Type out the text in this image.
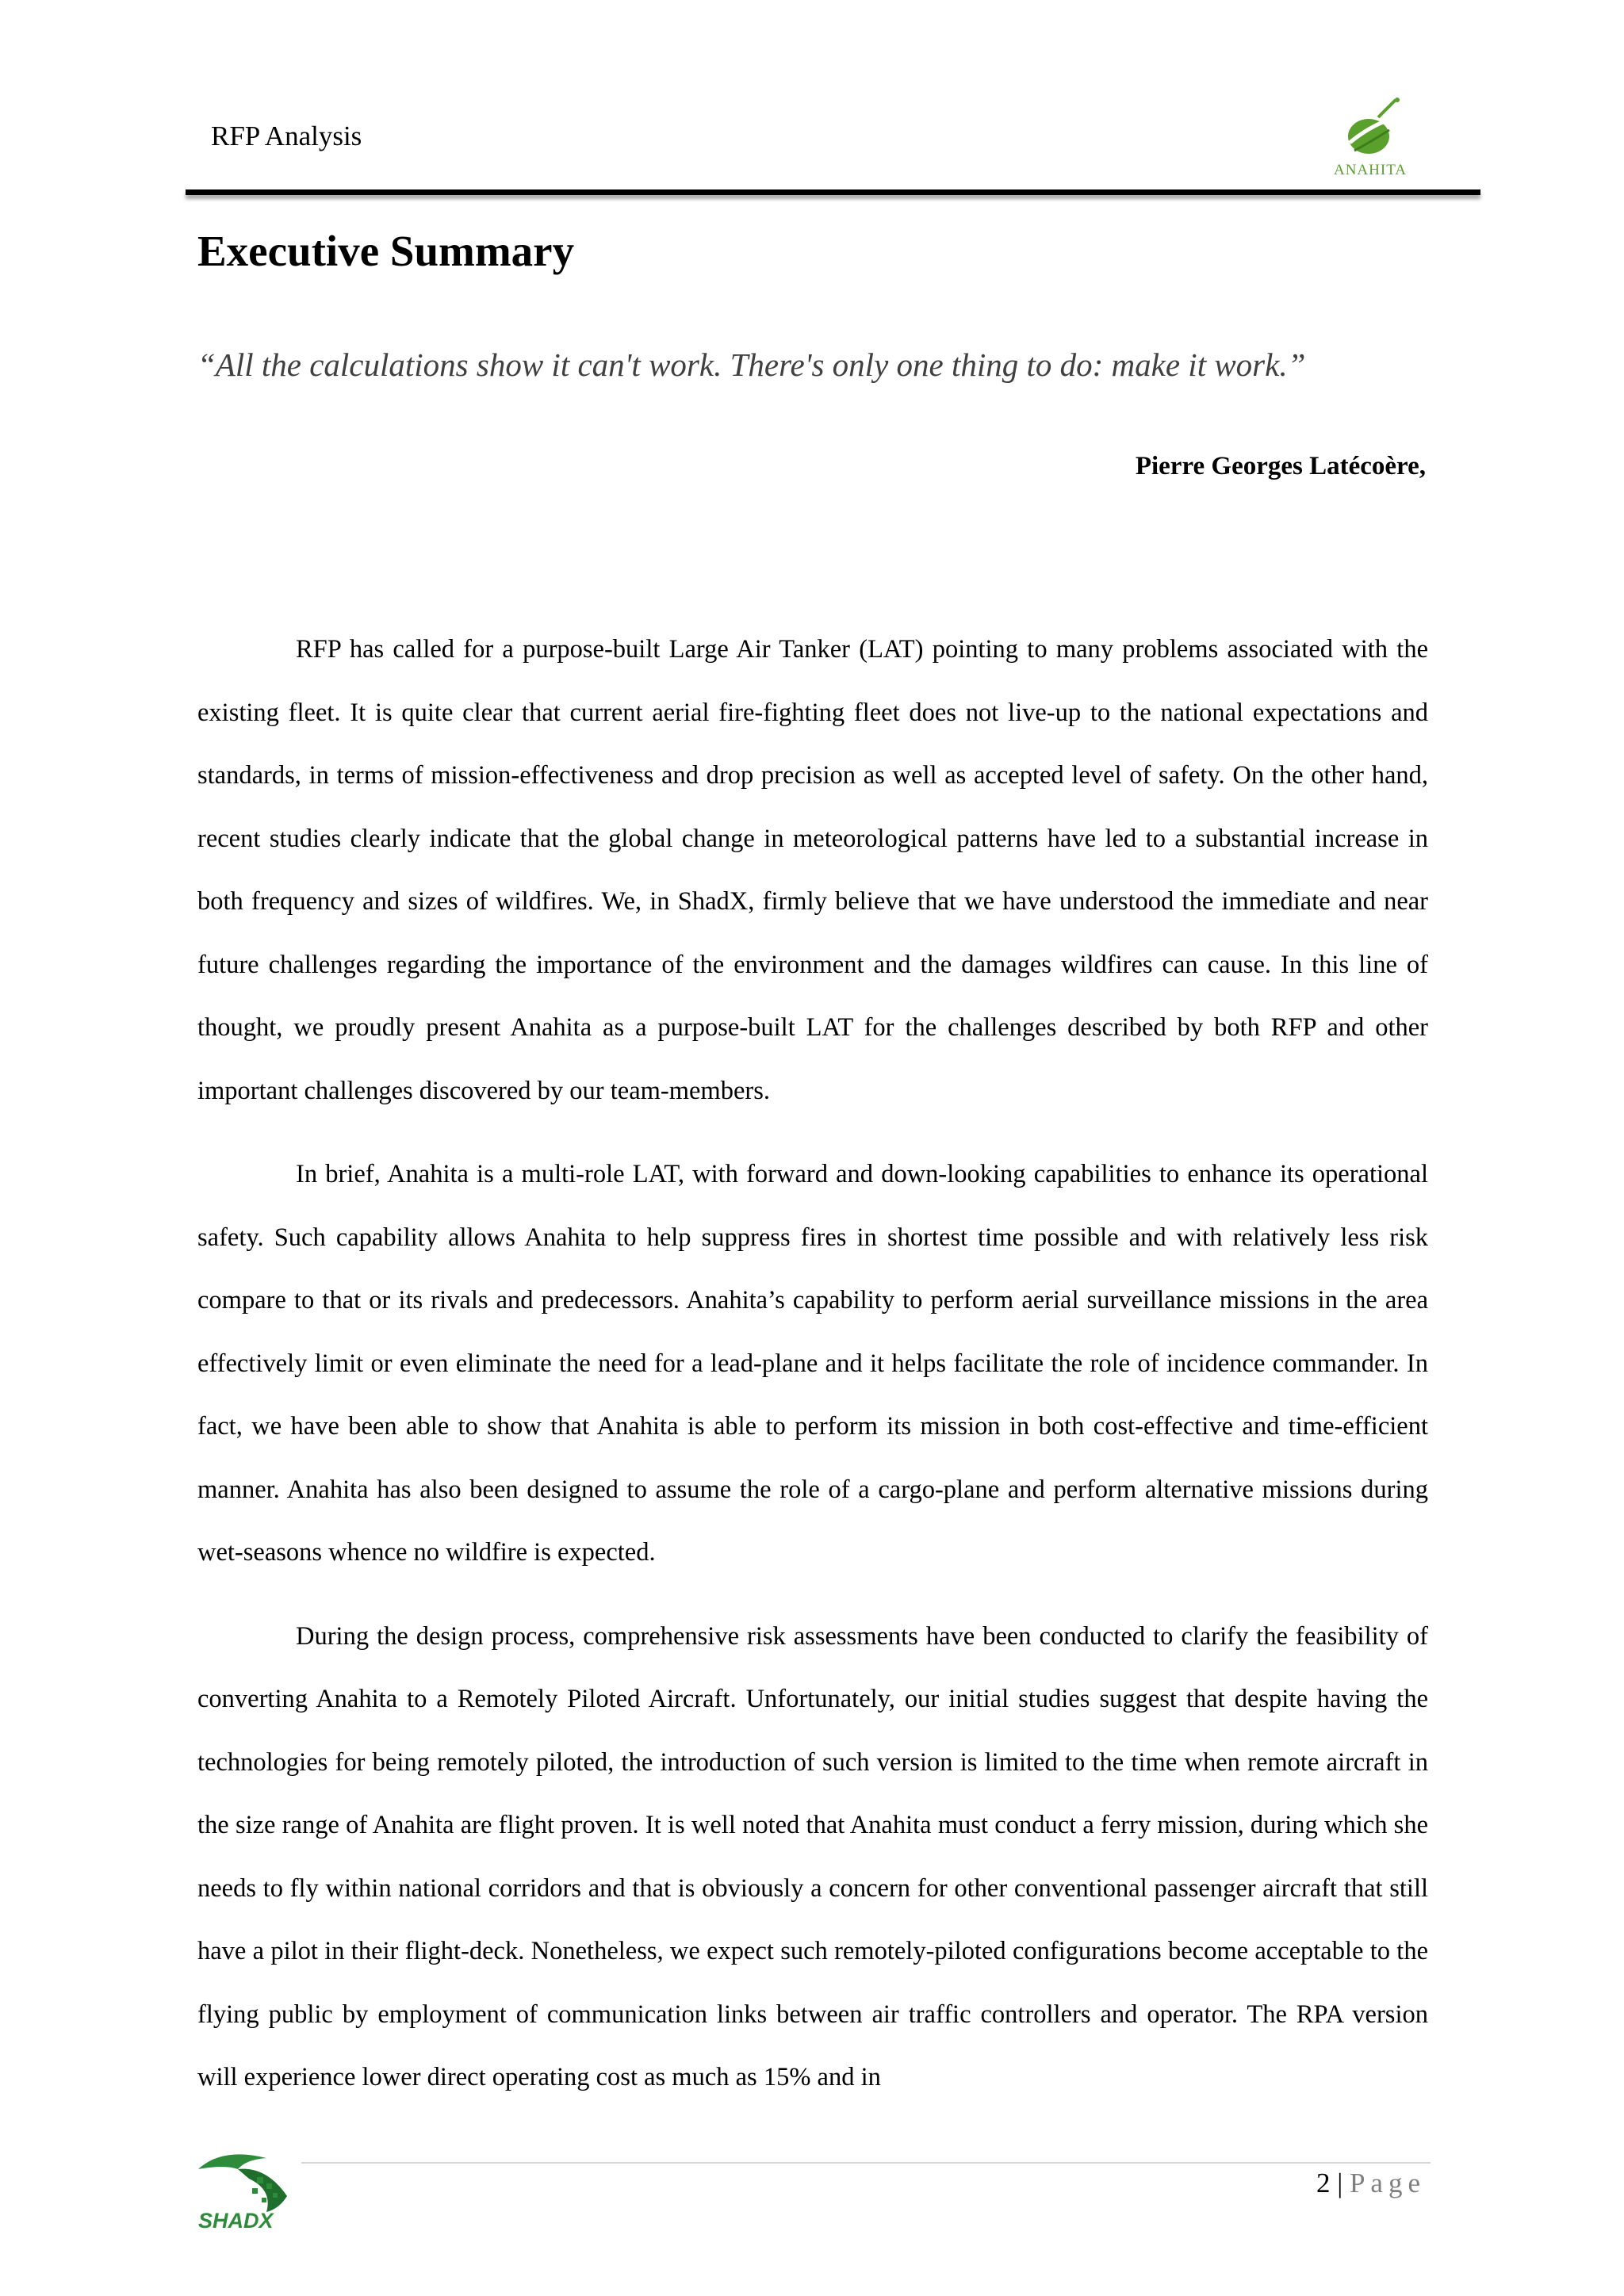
RFP Analysis
ANAHITA
Executive Summary

“All the calculations show it can't work. There's only one thing to do: make it work.”

Pierre Georges Latécoère,

RFP has called for a purpose-built Large Air Tanker (LAT) pointing to many problems associated with the existing fleet. It is quite clear that current aerial fire-fighting fleet does not live-up to the national expectations and standards, in terms of mission-effectiveness and drop precision as well as accepted level of safety. On the other hand, recent studies clearly indicate that the global change in meteorological patterns have led to a substantial increase in both frequency and sizes of wildfires. We, in ShadX, firmly believe that we have understood the immediate and near future challenges regarding the importance of the environment and the damages wildfires can cause. In this line of thought, we proudly present Anahita as a purpose-built LAT for the challenges described by both RFP and other important challenges discovered by our team-members.

In brief, Anahita is a multi-role LAT, with forward and down-looking capabilities to enhance its operational safety. Such capability allows Anahita to help suppress fires in shortest time possible and with relatively less risk compare to that or its rivals and predecessors. Anahita’s capability to perform aerial surveillance missions in the area effectively limit or even eliminate the need for a lead-plane and it helps facilitate the role of incidence commander. In fact, we have been able to show that Anahita is able to perform its mission in both cost-effective and time-efficient manner. Anahita has also been designed to assume the role of a cargo-plane and perform alternative missions during wet-seasons whence no wildfire is expected.

During the design process, comprehensive risk assessments have been conducted to clarify the feasibility of converting Anahita to a Remotely Piloted Aircraft. Unfortunately, our initial studies suggest that despite having the technologies for being remotely piloted, the introduction of such version is limited to the time when remote aircraft in the size range of Anahita are flight proven. It is well noted that Anahita must conduct a ferry mission, during which she needs to fly within national corridors and that is obviously a concern for other conventional passenger aircraft that still have a pilot in their flight-deck. Nonetheless, we expect such remotely-piloted configurations become acceptable to the flying public by employment of communication links between air traffic controllers and operator. The RPA version will experience lower direct operating cost as much as 15% and in

SHADX
2 | Page
